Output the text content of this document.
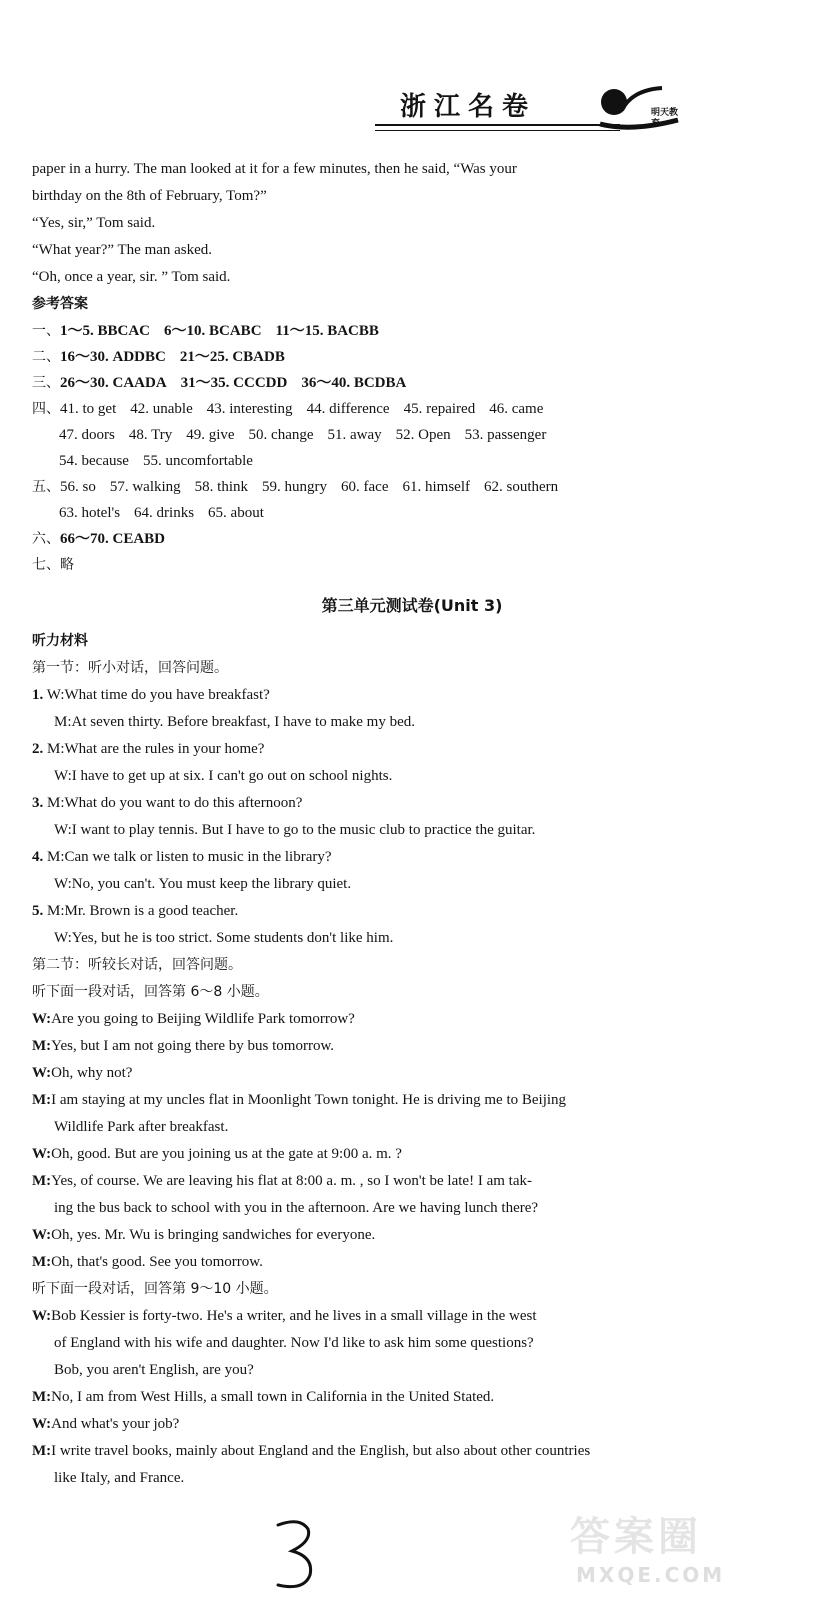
浙江名卷	明天教育
paper in a hurry. The man looked at it for a few minutes, then he said, “Was your
birthday on the 8th of February, Tom?”
“Yes, sir,” Tom said.
“What year?” The man asked.
“Oh, once a year, sir. ” Tom said.
参考答案
一、1～5. BBCAC 6～10. BCABC 11～15. BACBB
二、16～30. ADDBC 21～25. CBADB
三、26～30. CAADA 31～35. CCCDD 36～40. BCDBA
四、41. to get 42. unable 43. interesting 44. difference 45. repaired 46. came
47. doors 48. Try 49. give 50. change 51. away 52. Open 53. passenger
54. because 55. uncomfortable
五、56. so 57. walking 58. think 59. hungry 60. face 61. himself 62. southern
63. hotel's 64. drinks 65. about
六、66～70. CEABD
七、略
第三单元测试卷(Unit 3)
听力材料
第一节：听小对话，回答问题。
1. W:What time do you have breakfast?
M:At seven thirty. Before breakfast, I have to make my bed.
2. M:What are the rules in your home?
W:I have to get up at six. I can't go out on school nights.
3. M:What do you want to do this afternoon?
W:I want to play tennis. But I have to go to the music club to practice the guitar.
4. M:Can we talk or listen to music in the library?
W:No, you can't. You must keep the library quiet.
5. M:Mr. Brown is a good teacher.
W:Yes, but he is too strict. Some students don't like him.
第二节：听较长对话，回答问题。
听下面一段对话，回答第 6～8 小题。
W:Are you going to Beijing Wildlife Park tomorrow?
M:Yes, but I am not going there by bus tomorrow.
W:Oh, why not?
M:I am staying at my uncles flat in Moonlight Town tonight. He is driving me to Beijing
Wildlife Park after breakfast.
W:Oh, good. But are you joining us at the gate at 9:00 a. m. ?
M:Yes, of course. We are leaving his flat at 8:00 a. m. , so I won't be late! I am tak-
ing the bus back to school with you in the afternoon. Are we having lunch there?
W:Oh, yes. Mr. Wu is bringing sandwiches for everyone.
M:Oh, that's good. See you tomorrow.
听下面一段对话，回答第 9～10 小题。
W:Bob Kessier is forty-two. He's a writer, and he lives in a small village in the west
of England with his wife and daughter. Now I'd like to ask him some questions?
Bob, you aren't English, are you?
M:No, I am from West Hills, a small town in California in the United Stated.
W:And what's your job?
M:I write travel books, mainly about England and the English, but also about other countries
like Italy, and France.
答案圈
MXQE.COM
